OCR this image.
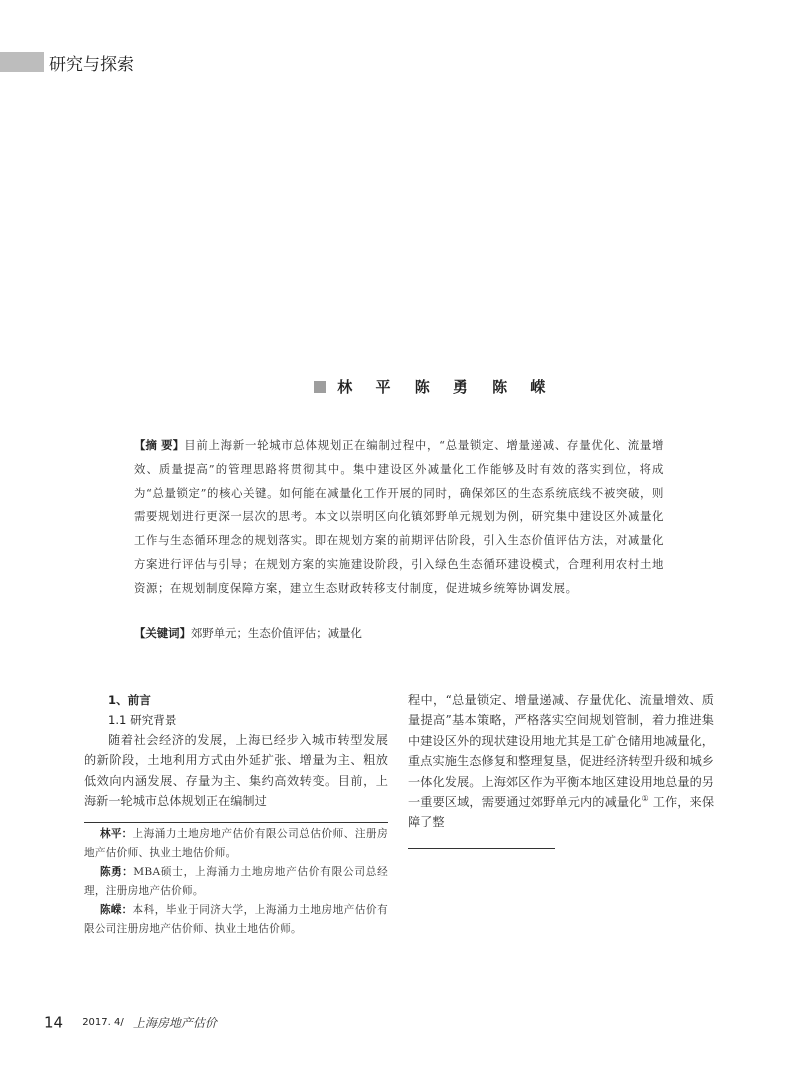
研究与探索
林 平 陈 勇 陈 嵘
【摘 要】目前上海新一轮城市总体规划正在编制过程中，“总量锁定、增量递减、存量优化、流量增效、质量提高”的管理思路将贯彻其中。集中建设区外减量化工作能够及时有效的落实到位，将成为“总量锁定”的核心关键。如何能在减量化工作开展的同时，确保郊区的生态系统底线不被突破，则需要规划进行更深一层次的思考。本文以崇明区向化镇郊野单元规划为例，研究集中建设区外减量化工作与生态循环理念的规划落实。即在规划方案的前期评估阶段，引入生态价值评估方法，对减量化方案进行评估与引导；在规划方案的实施建设阶段，引入绿色生态循环建设模式，合理利用农村土地资源；在规划制度保障方案，建立生态财政转移支付制度，促进城乡统筹协调发展。
【关键词】郊野单元；生态价值评估；减量化
1、前言
1.1 研究背景
随着社会经济的发展，上海已经步入城市转型发展的新阶段，土地利用方式由外延扩张、增量为主、粗放低效向内涵发展、存量为主、集约高效转变。目前，上海新一轮城市总体规划正在编制过
程中，“总量锁定、增量递减、存量优化、流量增效、质量提高”基本策略，严格落实空间规划管制，着力推进集中建设区外的现状建设用地尤其是工矿仓储用地减量化，重点实施生态修复和整理复垦，促进经济转型升级和城乡一体化发展。上海郊区作为平衡本地区建设用地总量的另一重要区域，需要通过郊野单元内的减量化① 工作，来保障了整

林平：上海涌力土地房地产估价有限公司总估价师、注册房地产估价师、执业土地估价师。

陈勇：MBA硕士，上海涌力土地房地产估价有限公司总经理，注册房地产估价师。

陈嵘：本科，毕业于同济大学，上海涌力土地房地产估价有限公司注册房地产估价师、执业土地估价师。

14 2017. 4/ 上海房地产估价
